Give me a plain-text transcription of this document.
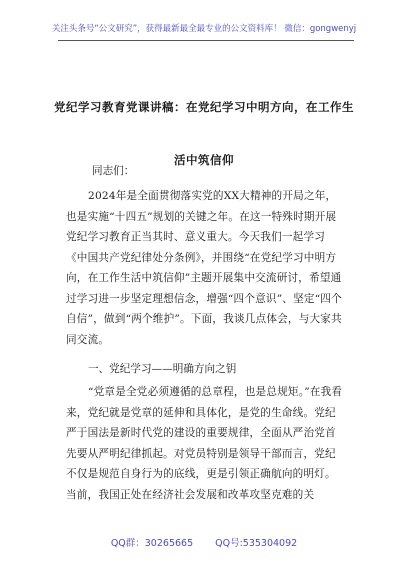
关注头条号“公文研究”，获得最新最全最专业的公文资料库！ 微信：gongwenyj
党纪学习教育党课讲稿：在党纪学习中明方向，在工作生
活中筑信仰
同志们：
2024年是全面贯彻落实党的XX大精神的开局之年，也是实施“十四五”规划的关键之年。在这一特殊时期开展党纪学习教育正当其时、意义重大。今天我们一起学习《中国共产党纪律处分条例》，并围绕“在党纪学习中明方向，在工作生活中筑信仰”主题开展集中交流研讨，希望通过学习进一步坚定理想信念，增强“四个意识”、坚定“四个自信”，做到“两个维护”。下面，我谈几点体会，与大家共同交流。
一、党纪学习——明确方向之钥
“党章是全党必须遵循的总章程，也是总规矩。”在我看来，党纪就是党章的延伸和具体化，是党的生命线。党纪严于国法是新时代党的建设的重要规律，全面从严治党首先要从严明纪律抓起。对党员特别是领导干部而言，党纪不仅是规范自身行为的底线，更是引领正确航向的明灯。当前，我国正处在经济社会发展和改革攻坚克难的关
QQ群：30265665 QQ号:535304092
